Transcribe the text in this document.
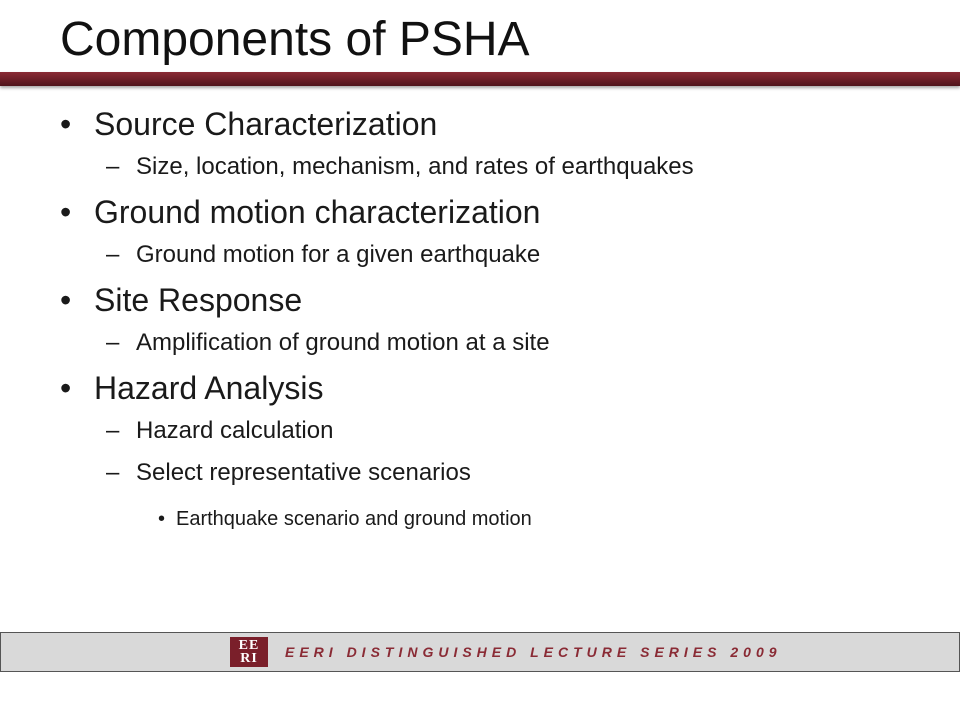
Components of PSHA
• Source Characterization
– Size, location, mechanism, and rates of earthquakes
• Ground motion characterization
– Ground motion for a given earthquake
• Site Response
– Amplification of ground motion at a site
• Hazard Analysis
– Hazard calculation
– Select representative scenarios
• Earthquake scenario and ground motion
EE
RI	EERI DISTINGUISHED LECTURE SERIES 2009
